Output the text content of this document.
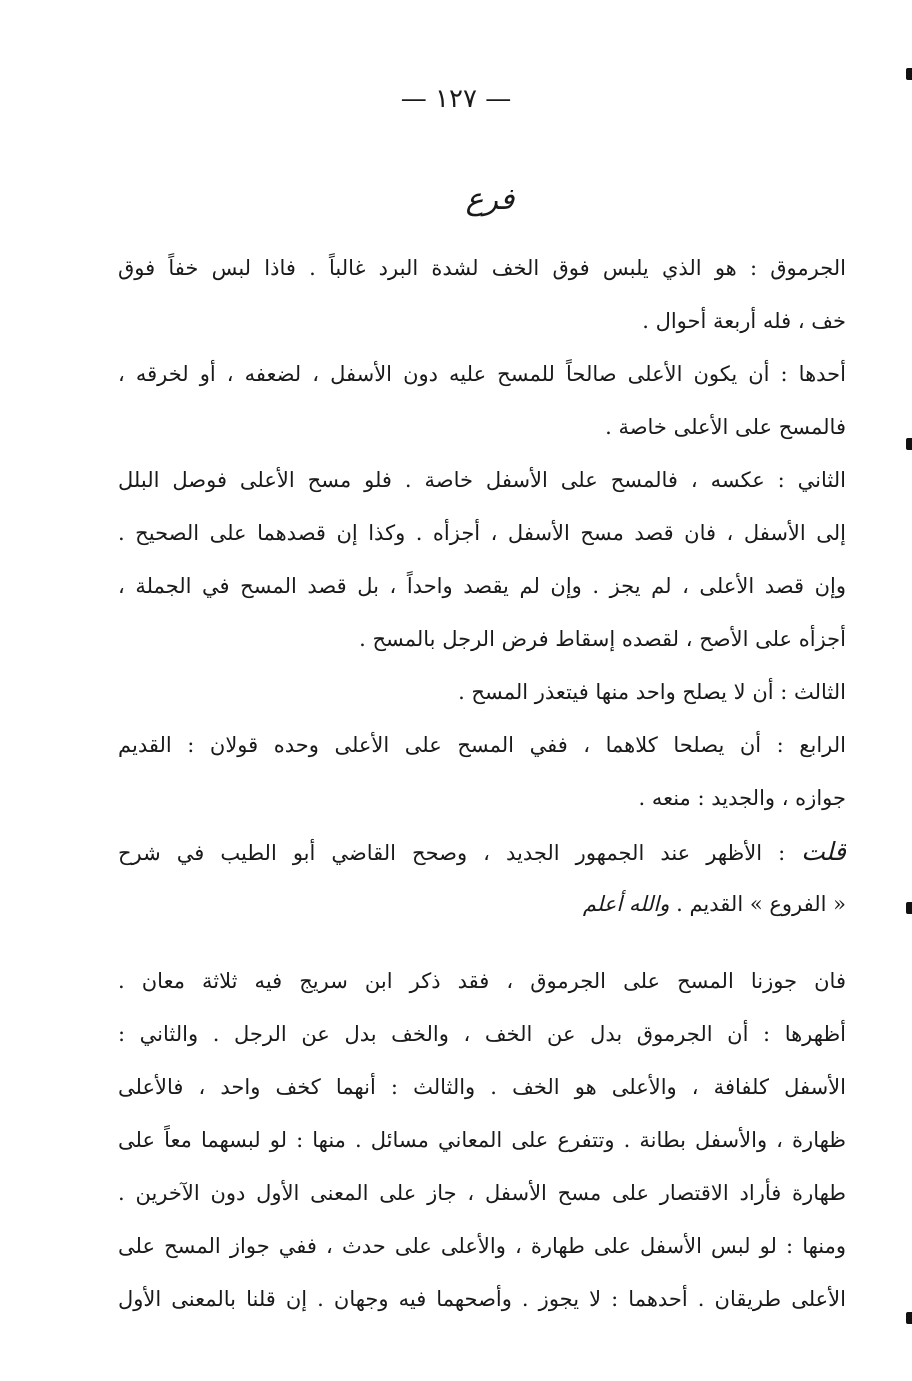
— ١٢٧ —
فرع
الجرموق : هو الذي يلبس فوق الخف لشدة البرد غالباً . فاذا لبس خفاً فوق
خف ، فله أربعة أحوال .
أحدها : أن يكون الأعلى صالحاً للمسح عليه دون الأسفل ، لضعفه ، أو لخرقه ،
فالمسح على الأعلى خاصة .
الثاني : عكسه ، فالمسح على الأسفل خاصة . فلو مسح الأعلى فوصل البلل
إلى الأسفل ، فان قصد مسح الأسفل ، أجزأه . وكذا إن قصدهما على الصحيح .
وإن قصد الأعلى ، لم يجز . وإن لم يقصد واحداً ، بل قصد المسح في الجملة ،
أجزأه على الأصح ، لقصده إسقاط فرض الرجل بالمسح .
الثالث : أن لا يصلح واحد منها فيتعذر المسح .
الرابع : أن يصلحا كلاهما ، ففي المسح على الأعلى وحده قولان : القديم
جوازه ، والجديد : منعه .
قلت : الأظهر عند الجمهور الجديد ، وصحح القاضي أبو الطيب في شرح
« الفروع » القديم . والله أعلم
فان جوزنا المسح على الجرموق ، فقد ذكر ابن سريج فيه ثلاثة معان .
أظهرها : أن الجرموق بدل عن الخف ، والخف بدل عن الرجل . والثاني :
الأسفل كلفافة ، والأعلى هو الخف . والثالث : أنهما كخف واحد ، فالأعلى
ظهارة ، والأسفل بطانة . وتتفرع على المعاني مسائل . منها : لو لبسهما معاً على
طهارة فأراد الاقتصار على مسح الأسفل ، جاز على المعنى الأول دون الآخرين .
ومنها : لو لبس الأسفل على طهارة ، والأعلى على حدث ، ففي جواز المسح على
الأعلى طريقان . أحدهما : لا يجوز . وأصحهما فيه وجهان . إن قلنا بالمعنى الأول
